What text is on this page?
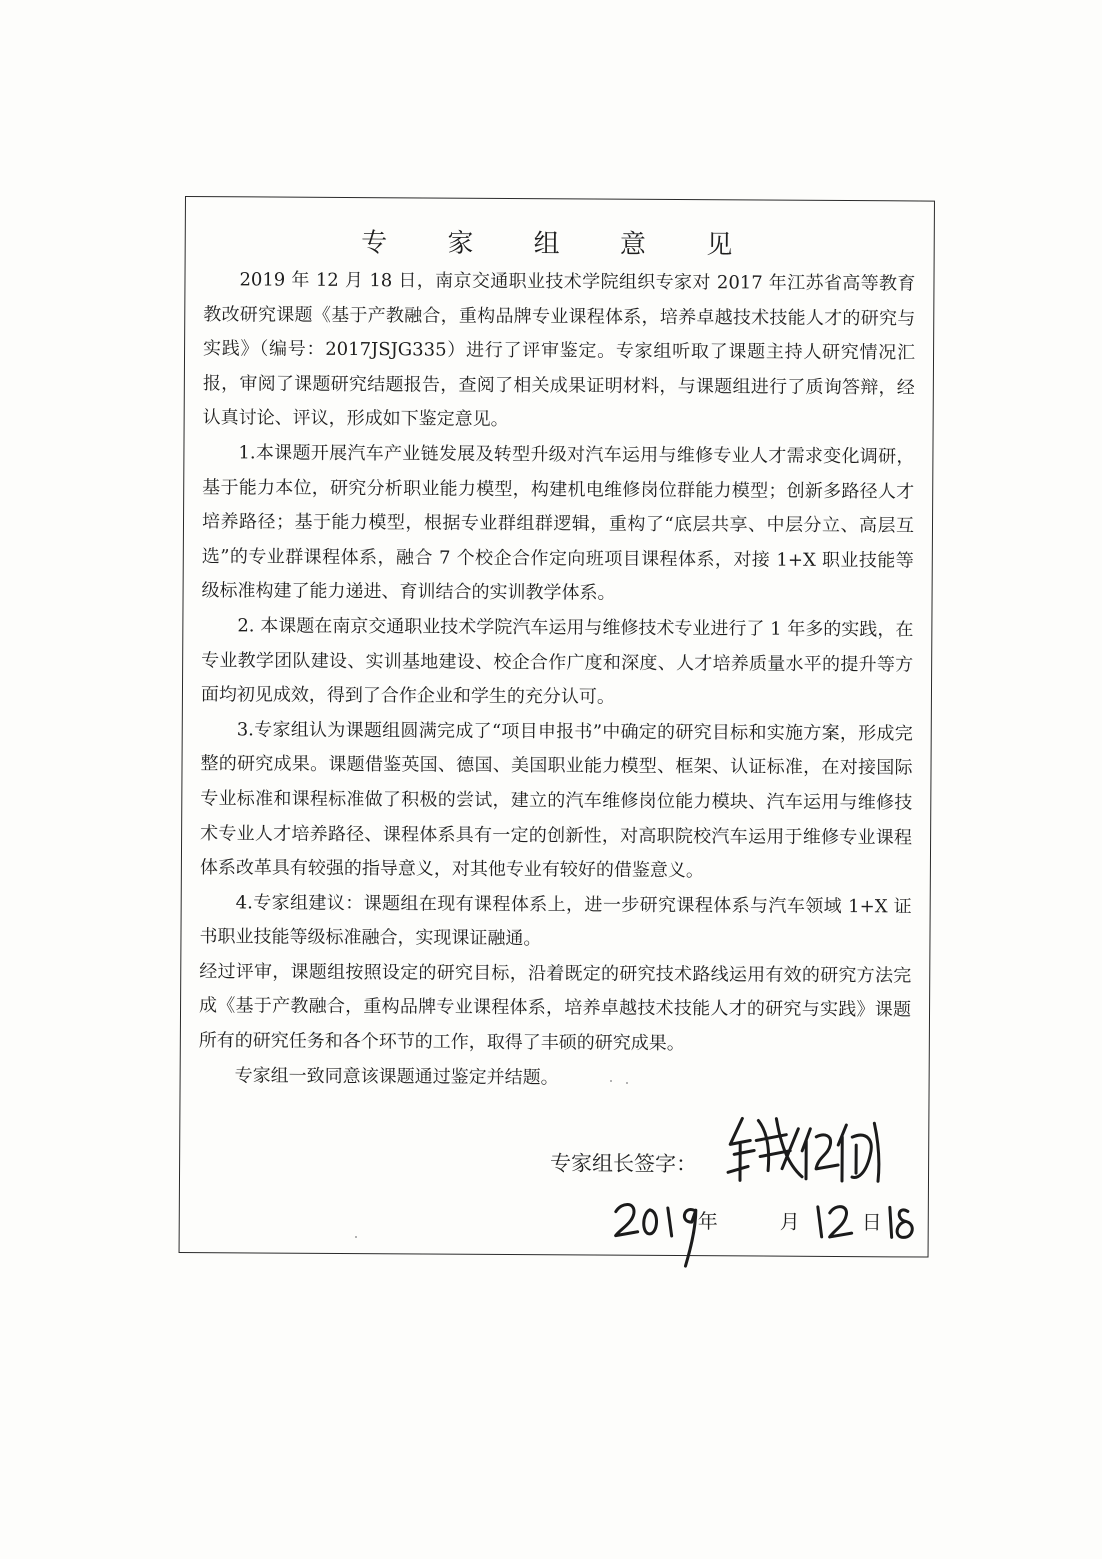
专 家 组 意 见

2019 年 12 月 18 日，南京交通职业技术学院组织专家对 2017 年江苏省高等教育教改研究课题《基于产教融合，重构品牌专业课程体系，培养卓越技术技能人才的研究与实践》（编号：2017JSJG335）进行了评审鉴定。专家组听取了课题主持人研究情况汇报，审阅了课题研究结题报告，查阅了相关成果证明材料，与课题组进行了质询答辩，经认真讨论、评议，形成如下鉴定意见。

1.本课题开展汽车产业链发展及转型升级对汽车运用与维修专业人才需求变化调研，基于能力本位，研究分析职业能力模型，构建机电维修岗位群能力模型；创新多路径人才培养路径；基于能力模型，根据专业群组群逻辑，重构了“底层共享、中层分立、高层互选”的专业群课程体系，融合 7 个校企合作定向班项目课程体系，对接 1+X 职业技能等级标准构建了能力递进、育训结合的实训教学体系。

2. 本课题在南京交通职业技术学院汽车运用与维修技术专业进行了 1 年多的实践，在专业教学团队建设、实训基地建设、校企合作广度和深度、人才培养质量水平的提升等方面均初见成效，得到了合作企业和学生的充分认可。

3.专家组认为课题组圆满完成了“项目申报书”中确定的研究目标和实施方案，形成完整的研究成果。课题借鉴英国、德国、美国职业能力模型、框架、认证标准，在对接国际专业标准和课程标准做了积极的尝试，建立的汽车维修岗位能力模块、汽车运用与维修技术专业人才培养路径、课程体系具有一定的创新性，对高职院校汽车运用于维修专业课程体系改革具有较强的指导意义，对其他专业有较好的借鉴意义。

4.专家组建议：课题组在现有课程体系上，进一步研究课程体系与汽车领域 1+X 证书职业技能等级标准融合，实现课证融通。

经过评审，课题组按照设定的研究目标，沿着既定的研究技术路线运用有效的研究方法完成《基于产教融合，重构品牌专业课程体系，培养卓越技术技能人才的研究与实践》课题所有的研究任务和各个环节的工作，取得了丰硕的研究成果。

专家组一致同意该课题通过鉴定并结题。

专家组长签字：
年	月	日
